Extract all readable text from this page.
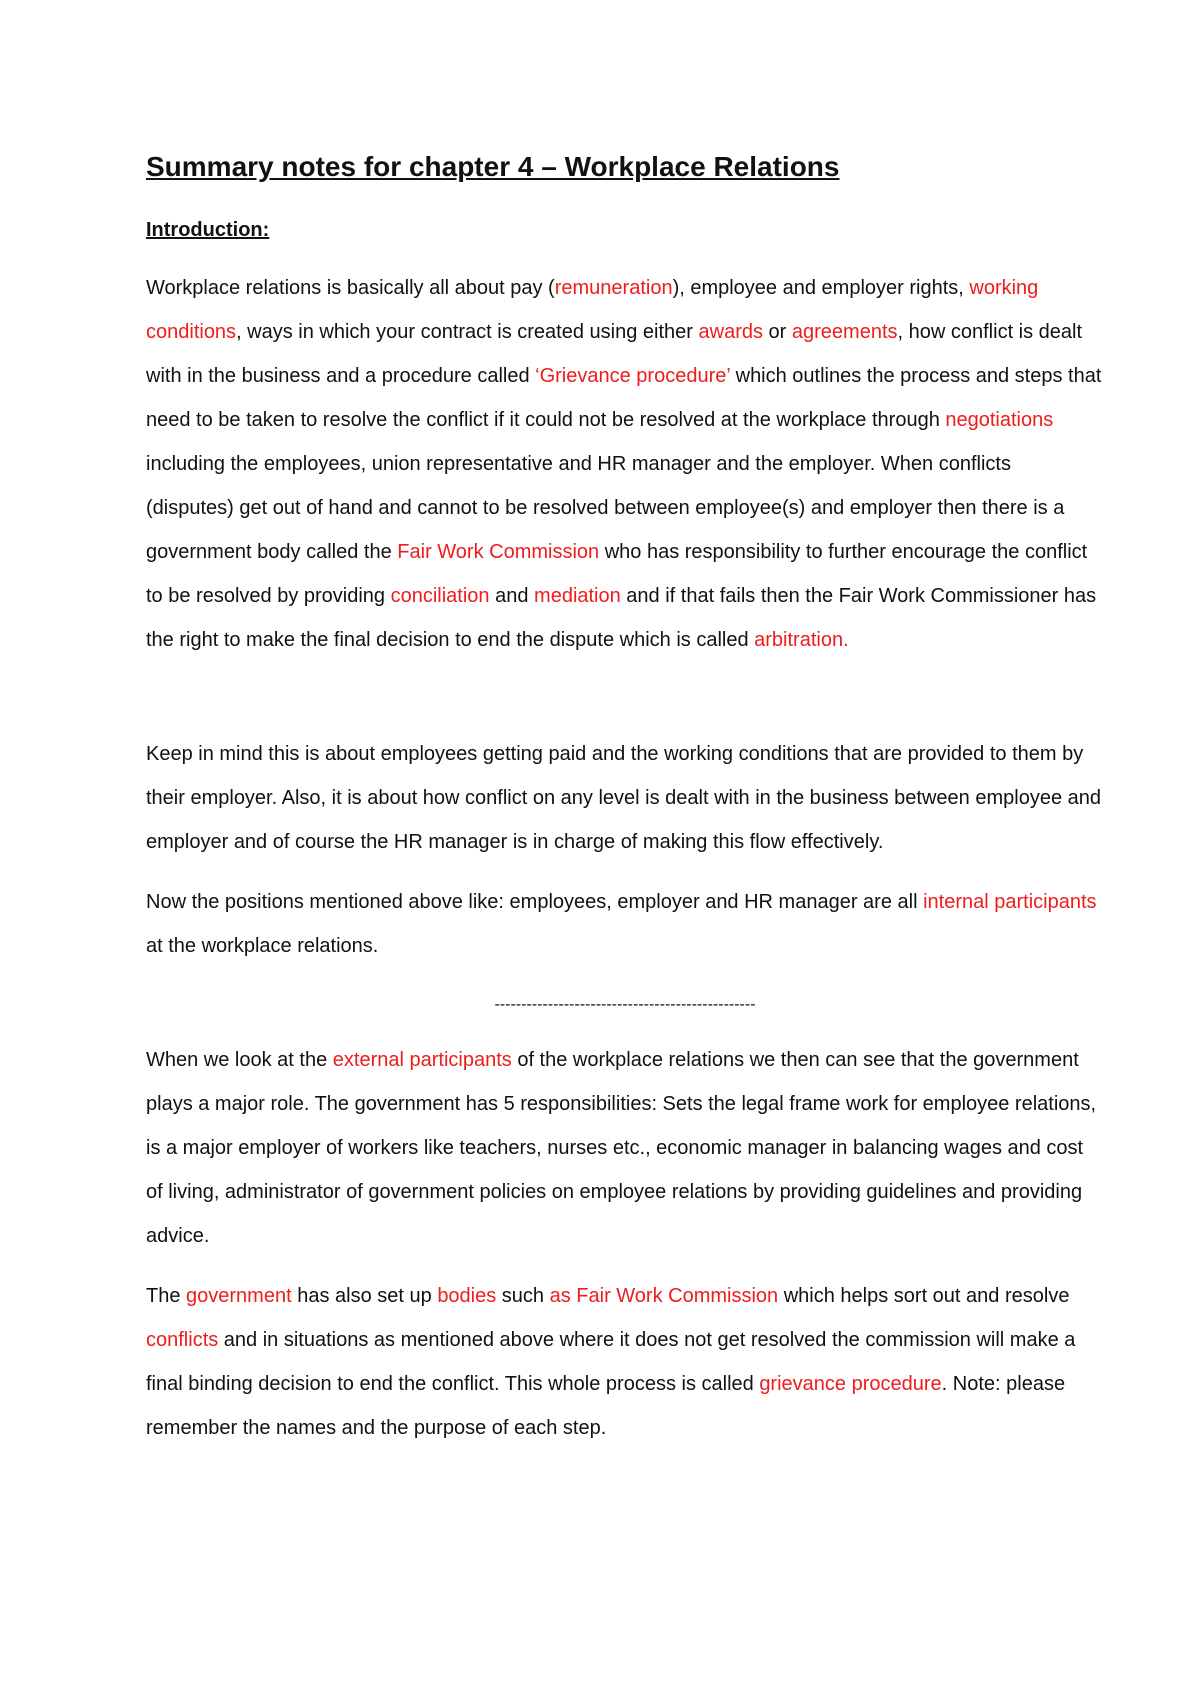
Summary notes for chapter 4 – Workplace Relations
Introduction:

Workplace relations is basically all about pay (remuneration), employee and employer rights, working conditions, ways in which your contract is created using either awards or agreements, how conflict is dealt with in the business and a procedure called ‘Grievance procedure’ which outlines the process and steps that need to be taken to resolve the conflict if it could not be resolved at the workplace through negotiations including the employees, union representative and HR manager and the employer. When conflicts (disputes) get out of hand and cannot to be resolved between employee(s) and employer then there is a government body called the Fair Work Commission who has responsibility to further encourage the conflict to be resolved by providing conciliation and mediation and if that fails then the Fair Work Commissioner has the right to make the final decision to end the dispute which is called arbitration.

Keep in mind this is about employees getting paid and the working conditions that are provided to them by their employer. Also, it is about how conflict on any level is dealt with in the business between employee and employer and of course the HR manager is in charge of making this flow effectively.

Now the positions mentioned above like: employees, employer and HR manager are all internal participants at the workplace relations.

-------------------------------------------------

When we look at the external participants of the workplace relations we then can see that the government plays a major role. The government has 5 responsibilities: Sets the legal frame work for employee relations, is a major employer of workers like teachers, nurses etc., economic manager in balancing wages and cost of living, administrator of government policies on employee relations by providing guidelines and providing advice.

The government has also set up bodies such as Fair Work Commission which helps sort out and resolve conflicts and in situations as mentioned above where it does not get resolved the commission will make a final binding decision to end the conflict. This whole process is called grievance procedure. Note: please remember the names and the purpose of each step.
